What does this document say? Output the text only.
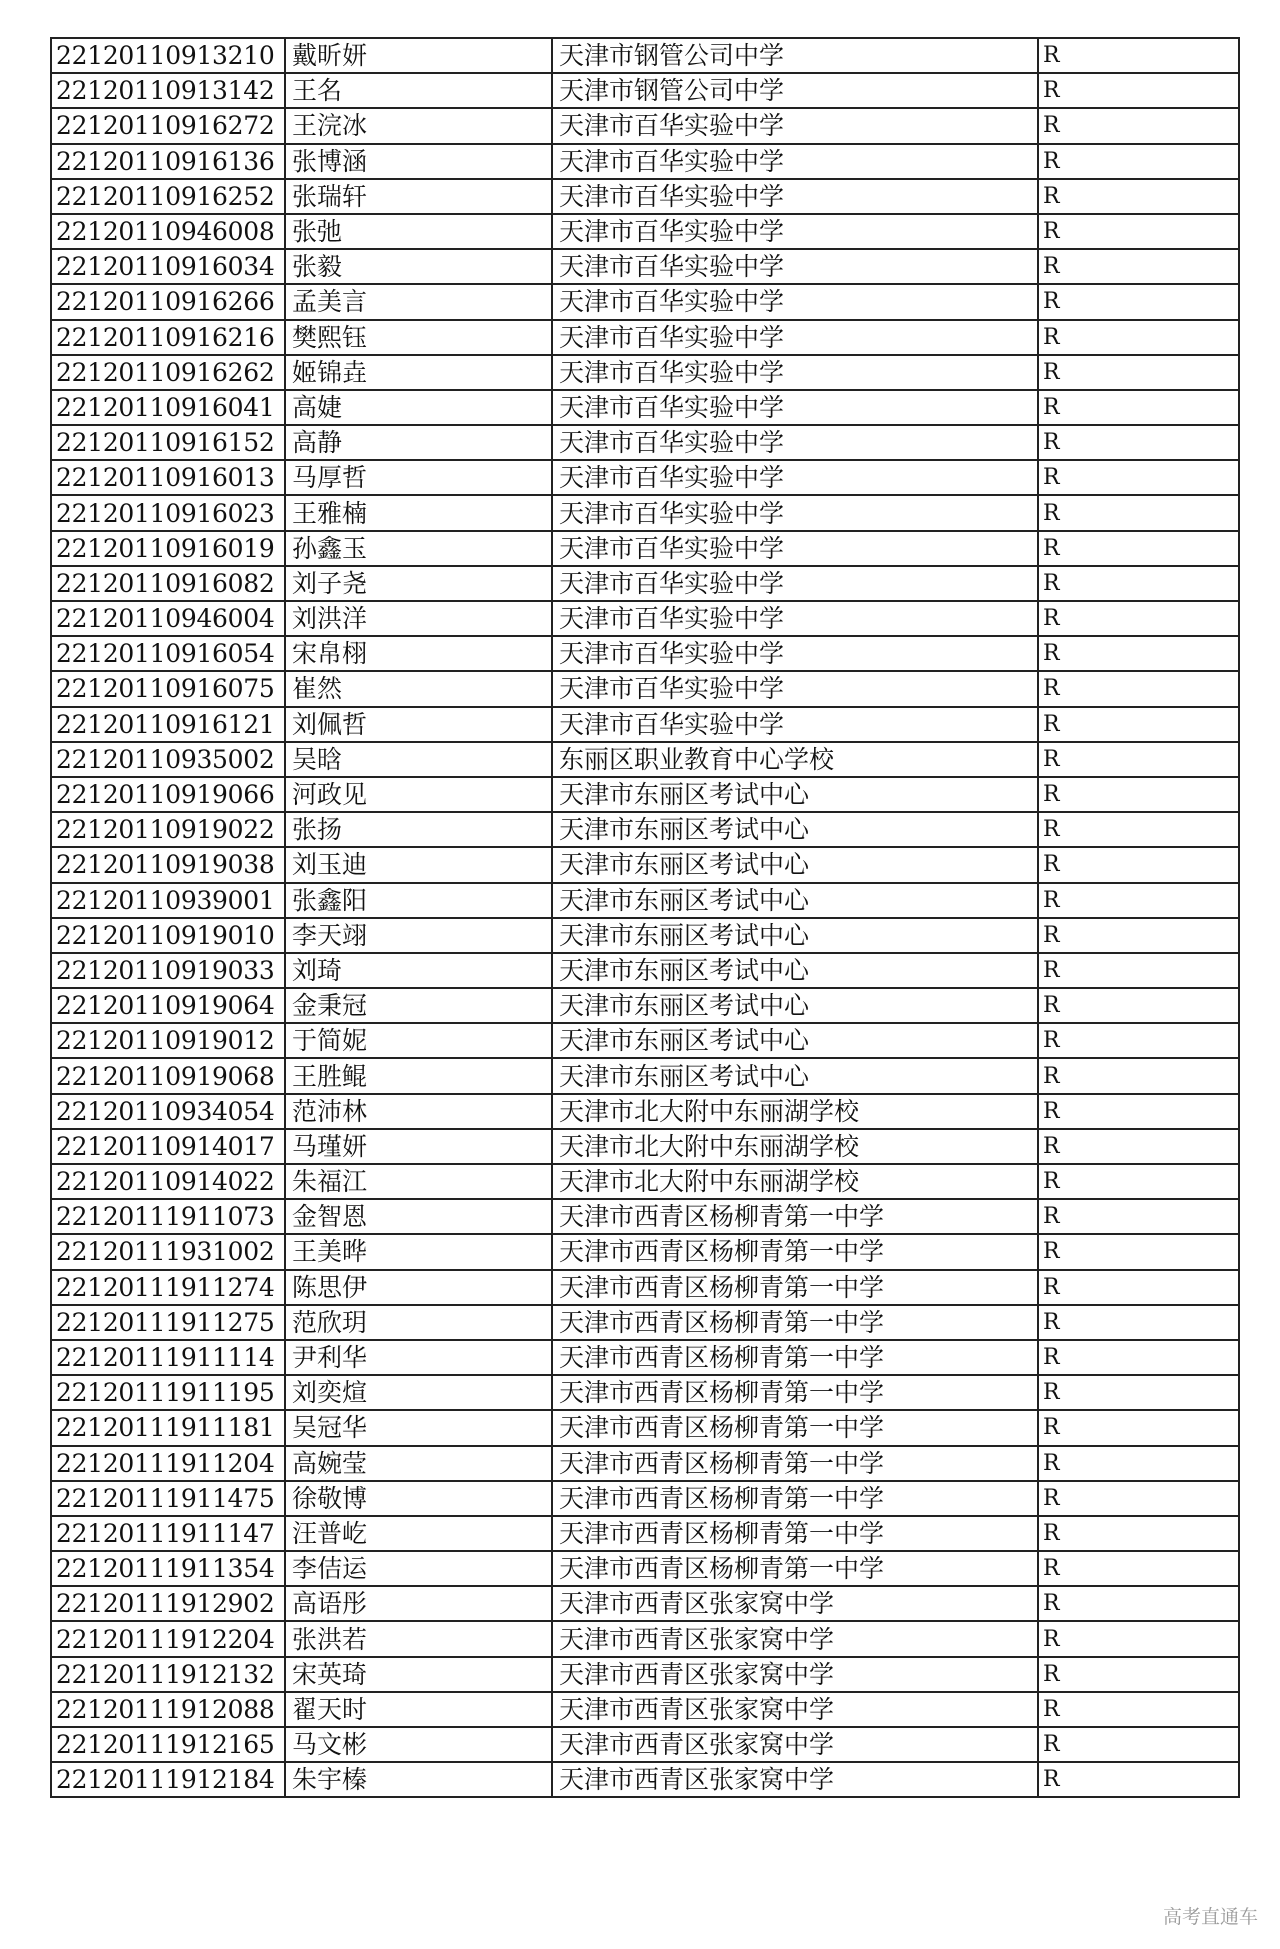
22120110913210	戴昕妍	天津市钢管公司中学	R
22120110913142	王名	天津市钢管公司中学	R
22120110916272	王浣冰	天津市百华实验中学	R
22120110916136	张博涵	天津市百华实验中学	R
22120110916252	张瑞轩	天津市百华实验中学	R
22120110946008	张弛	天津市百华实验中学	R
22120110916034	张毅	天津市百华实验中学	R
22120110916266	孟美言	天津市百华实验中学	R
22120110916216	樊熙钰	天津市百华实验中学	R
22120110916262	姬锦垚	天津市百华实验中学	R
22120110916041	高婕	天津市百华实验中学	R
22120110916152	高静	天津市百华实验中学	R
22120110916013	马厚哲	天津市百华实验中学	R
22120110916023	王雅楠	天津市百华实验中学	R
22120110916019	孙鑫玉	天津市百华实验中学	R
22120110916082	刘子尧	天津市百华实验中学	R
22120110946004	刘洪洋	天津市百华实验中学	R
22120110916054	宋帛栩	天津市百华实验中学	R
22120110916075	崔然	天津市百华实验中学	R
22120110916121	刘佩哲	天津市百华实验中学	R
22120110935002	吴晗	东丽区职业教育中心学校	R
22120110919066	河政见	天津市东丽区考试中心	R
22120110919022	张扬	天津市东丽区考试中心	R
22120110919038	刘玉迪	天津市东丽区考试中心	R
22120110939001	张鑫阳	天津市东丽区考试中心	R
22120110919010	李天翊	天津市东丽区考试中心	R
22120110919033	刘琦	天津市东丽区考试中心	R
22120110919064	金秉冠	天津市东丽区考试中心	R
22120110919012	于简妮	天津市东丽区考试中心	R
22120110919068	王胜鲲	天津市东丽区考试中心	R
22120110934054	范沛林	天津市北大附中东丽湖学校	R
22120110914017	马瑾妍	天津市北大附中东丽湖学校	R
22120110914022	朱福江	天津市北大附中东丽湖学校	R
22120111911073	金智恩	天津市西青区杨柳青第一中学	R
22120111931002	王美晔	天津市西青区杨柳青第一中学	R
22120111911274	陈思伊	天津市西青区杨柳青第一中学	R
22120111911275	范欣玥	天津市西青区杨柳青第一中学	R
22120111911114	尹利华	天津市西青区杨柳青第一中学	R
22120111911195	刘奕煊	天津市西青区杨柳青第一中学	R
22120111911181	吴冠华	天津市西青区杨柳青第一中学	R
22120111911204	高婉莹	天津市西青区杨柳青第一中学	R
22120111911475	徐敬博	天津市西青区杨柳青第一中学	R
22120111911147	汪普屹	天津市西青区杨柳青第一中学	R
22120111911354	李佶运	天津市西青区杨柳青第一中学	R
22120111912902	高语彤	天津市西青区张家窝中学	R
22120111912204	张洪若	天津市西青区张家窝中学	R
22120111912132	宋英琦	天津市西青区张家窝中学	R
22120111912088	翟天时	天津市西青区张家窝中学	R
22120111912165	马文彬	天津市西青区张家窝中学	R
22120111912184	朱宇榛	天津市西青区张家窝中学	R
高考直通车
